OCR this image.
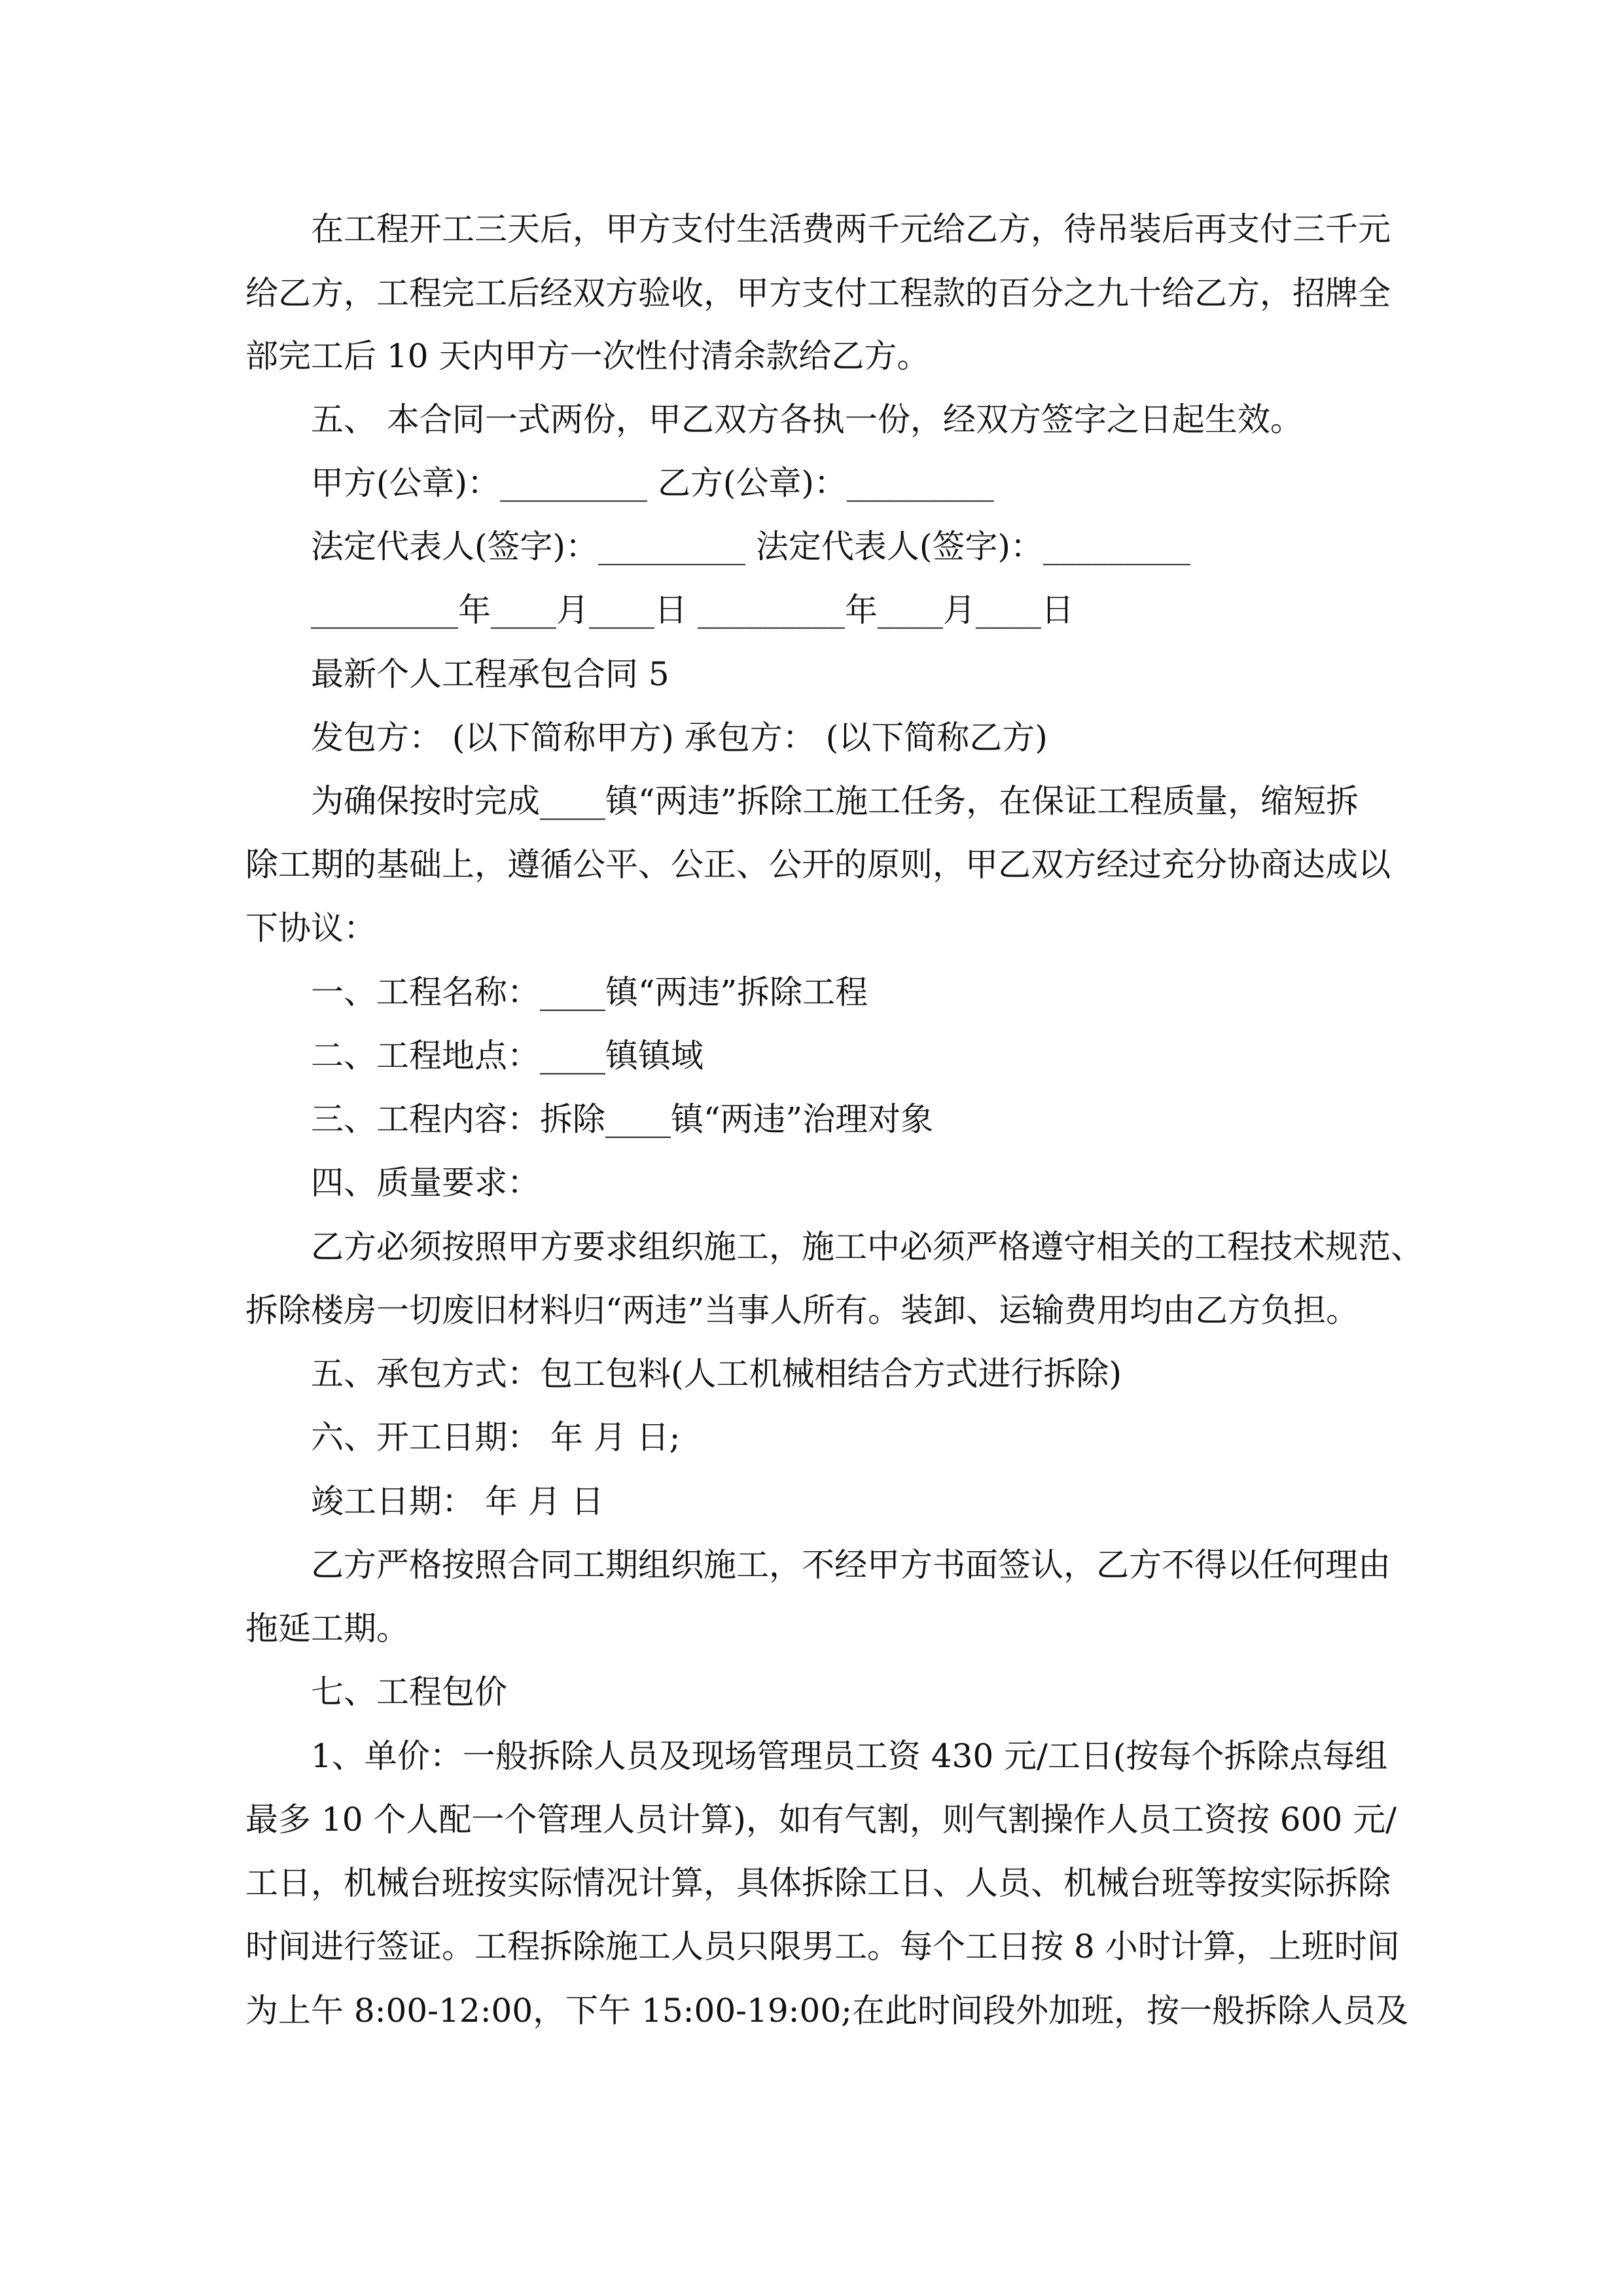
在工程开工三天后，甲方支付生活费两千元给乙方，待吊装后再支付三千元
给乙方，工程完工后经双方验收，甲方支付工程款的百分之九十给乙方，招牌全
部完工后 10 天内甲方一次性付清余款给乙方。
五、 本合同一式两份，甲乙双方各执一份，经双方签字之日起生效。
甲方(公章)：_________ 乙方(公章)：_________
法定代表人(签字)：_________ 法定代表人(签字)：_________
_________年____月____日 _________年____月____日
最新个人工程承包合同 5
发包方： (以下简称甲方) 承包方： (以下简称乙方)
为确保按时完成____镇“两违”拆除工施工任务，在保证工程质量，缩短拆
除工期的基础上，遵循公平、公正、公开的原则，甲乙双方经过充分协商达成以
下协议：
一、工程名称：____镇“两违”拆除工程
二、工程地点：____镇镇域
三、工程内容：拆除____镇“两违”治理对象
四、质量要求：
乙方必须按照甲方要求组织施工，施工中必须严格遵守相关的工程技术规范、
拆除楼房一切废旧材料归“两违”当事人所有。装卸、运输费用均由乙方负担。
五、承包方式：包工包料(人工机械相结合方式进行拆除)
六、开工日期： 年 月 日;
竣工日期： 年 月 日
乙方严格按照合同工期组织施工，不经甲方书面签认，乙方不得以任何理由
拖延工期。
七、工程包价
1、单价：一般拆除人员及现场管理员工资 430 元/工日(按每个拆除点每组
最多 10 个人配一个管理人员计算)，如有气割，则气割操作人员工资按 600 元/
工日，机械台班按实际情况计算，具体拆除工日、人员、机械台班等按实际拆除
时间进行签证。工程拆除施工人员只限男工。每个工日按 8 小时计算，上班时间
为上午 8:00-12:00，下午 15:00-19:00;在此时间段外加班，按一般拆除人员及
